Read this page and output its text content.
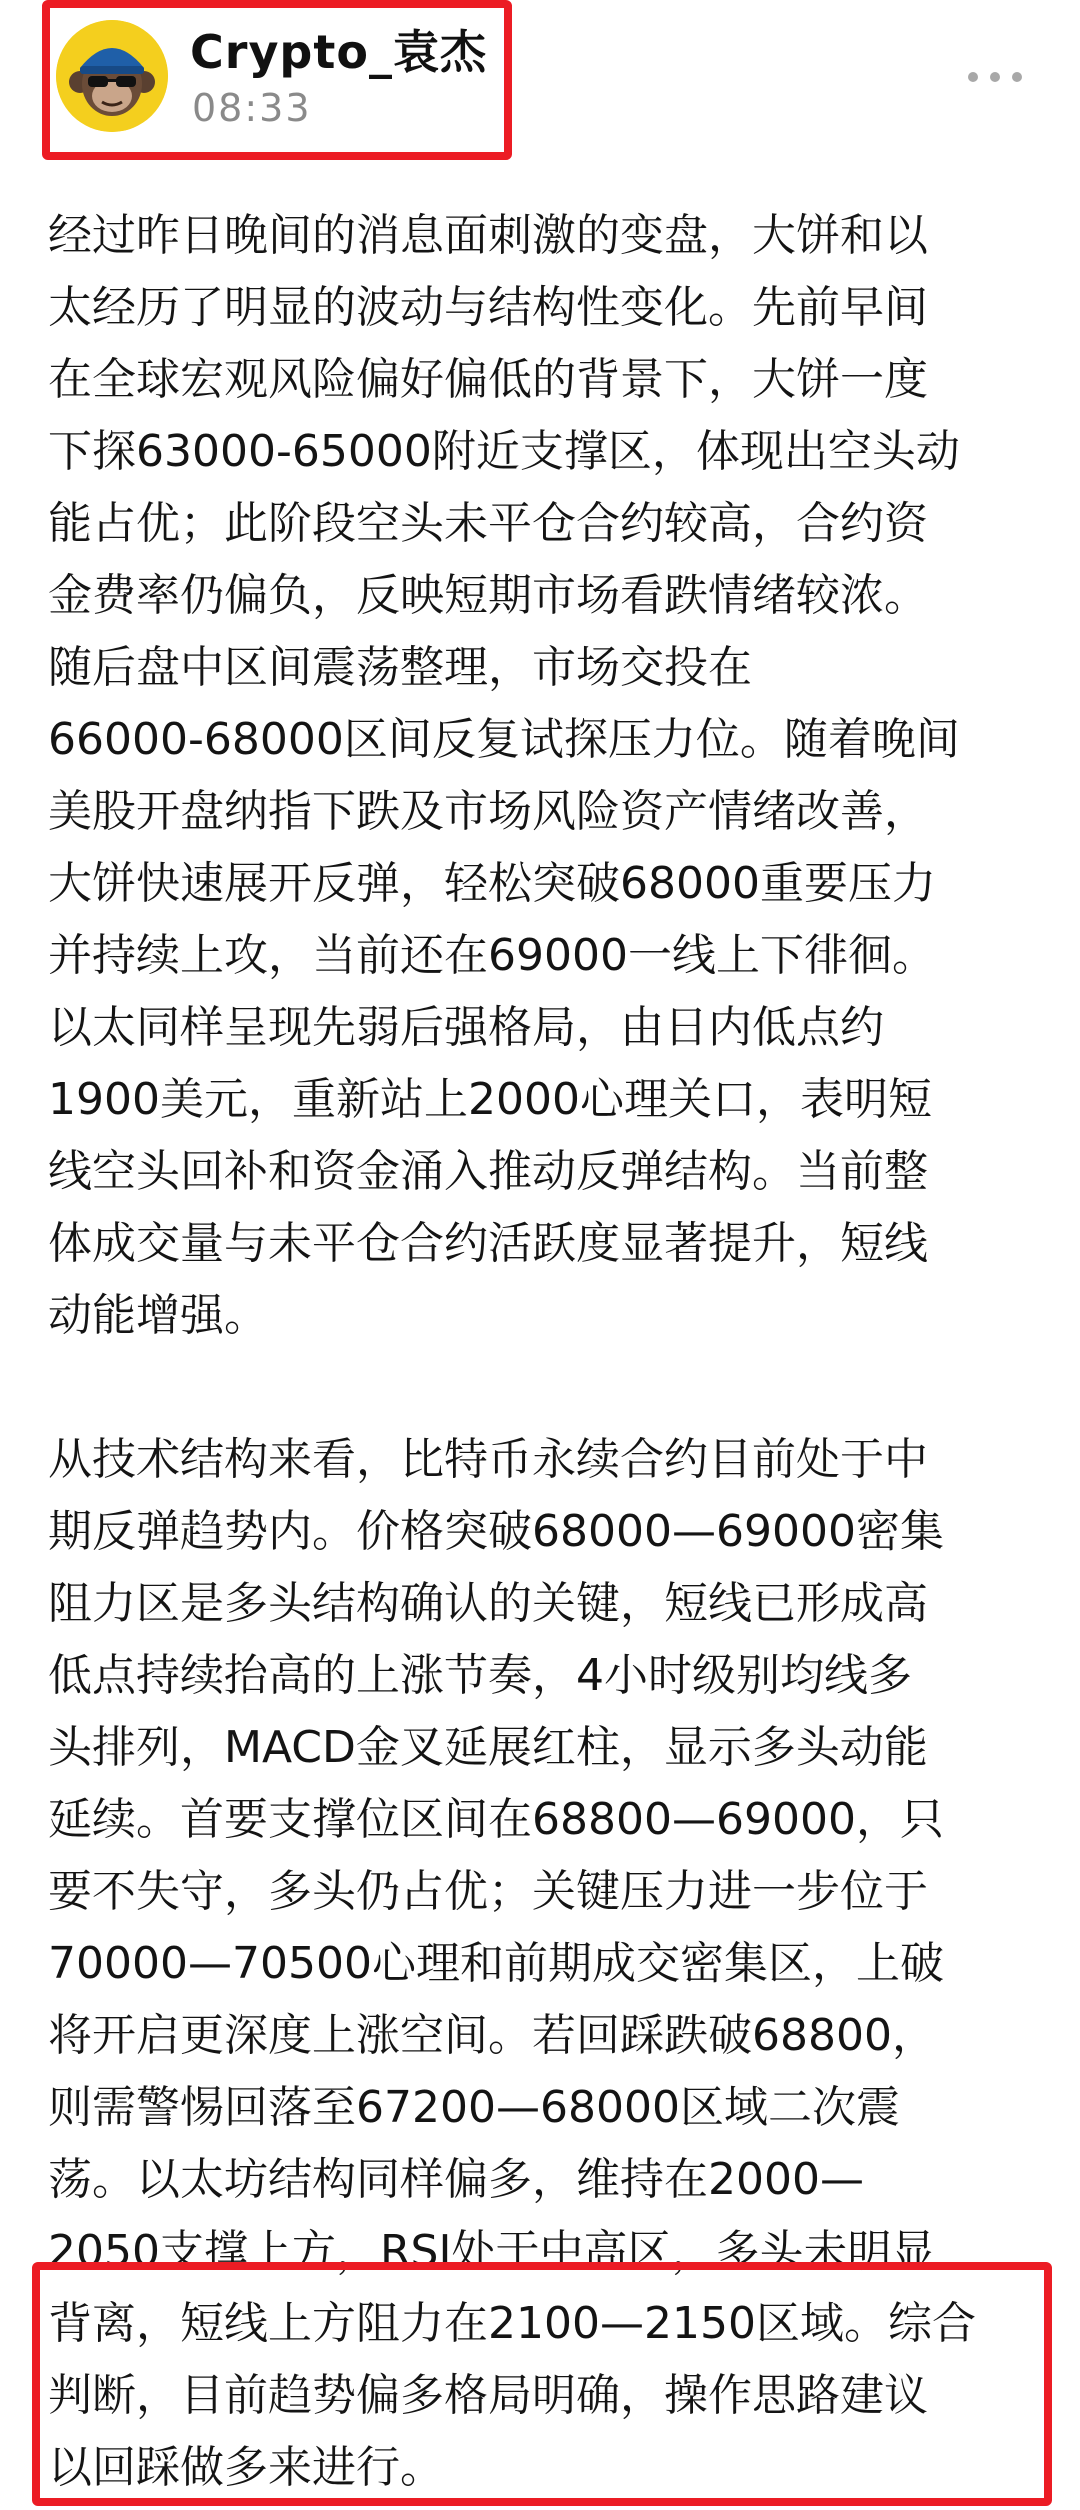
Crypto_袁杰
08:33
经过昨日晚间的消息面刺激的变盘，大饼和以
太经历了明显的波动与结构性变化。先前早间
在全球宏观风险偏好偏低的背景下，大饼一度
下探63000-65000附近支撑区，体现出空头动
能占优；此阶段空头未平仓合约较高，合约资
金费率仍偏负，反映短期市场看跌情绪较浓。
随后盘中区间震荡整理，市场交投在
66000-68000区间反复试探压力位。随着晚间
美股开盘纳指下跌及市场风险资产情绪改善，
大饼快速展开反弹，轻松突破68000重要压力
并持续上攻，当前还在69000一线上下徘徊。
以太同样呈现先弱后强格局，由日内低点约
1900美元，重新站上2000心理关口，表明短
线空头回补和资金涌入推动反弹结构。当前整
体成交量与未平仓合约活跃度显著提升，短线
动能增强。
从技术结构来看，比特币永续合约目前处于中
期反弹趋势内。价格突破68000—69000密集
阻力区是多头结构确认的关键，短线已形成高
低点持续抬高的上涨节奏，4小时级别均线多
头排列，MACD金叉延展红柱，显示多头动能
延续。首要支撑位区间在68800—69000，只
要不失守，多头仍占优；关键压力进一步位于
70000—70500心理和前期成交密集区，上破
将开启更深度上涨空间。若回踩跌破68800，
则需警惕回落至67200—68000区域二次震
荡。以太坊结构同样偏多，维持在2000—
2050支撑上方，RSI处于中高区，多头未明显
背离，短线上方阻力在2100—2150区域。综合
判断，目前趋势偏多格局明确，操作思路建议
以回踩做多来进行。
